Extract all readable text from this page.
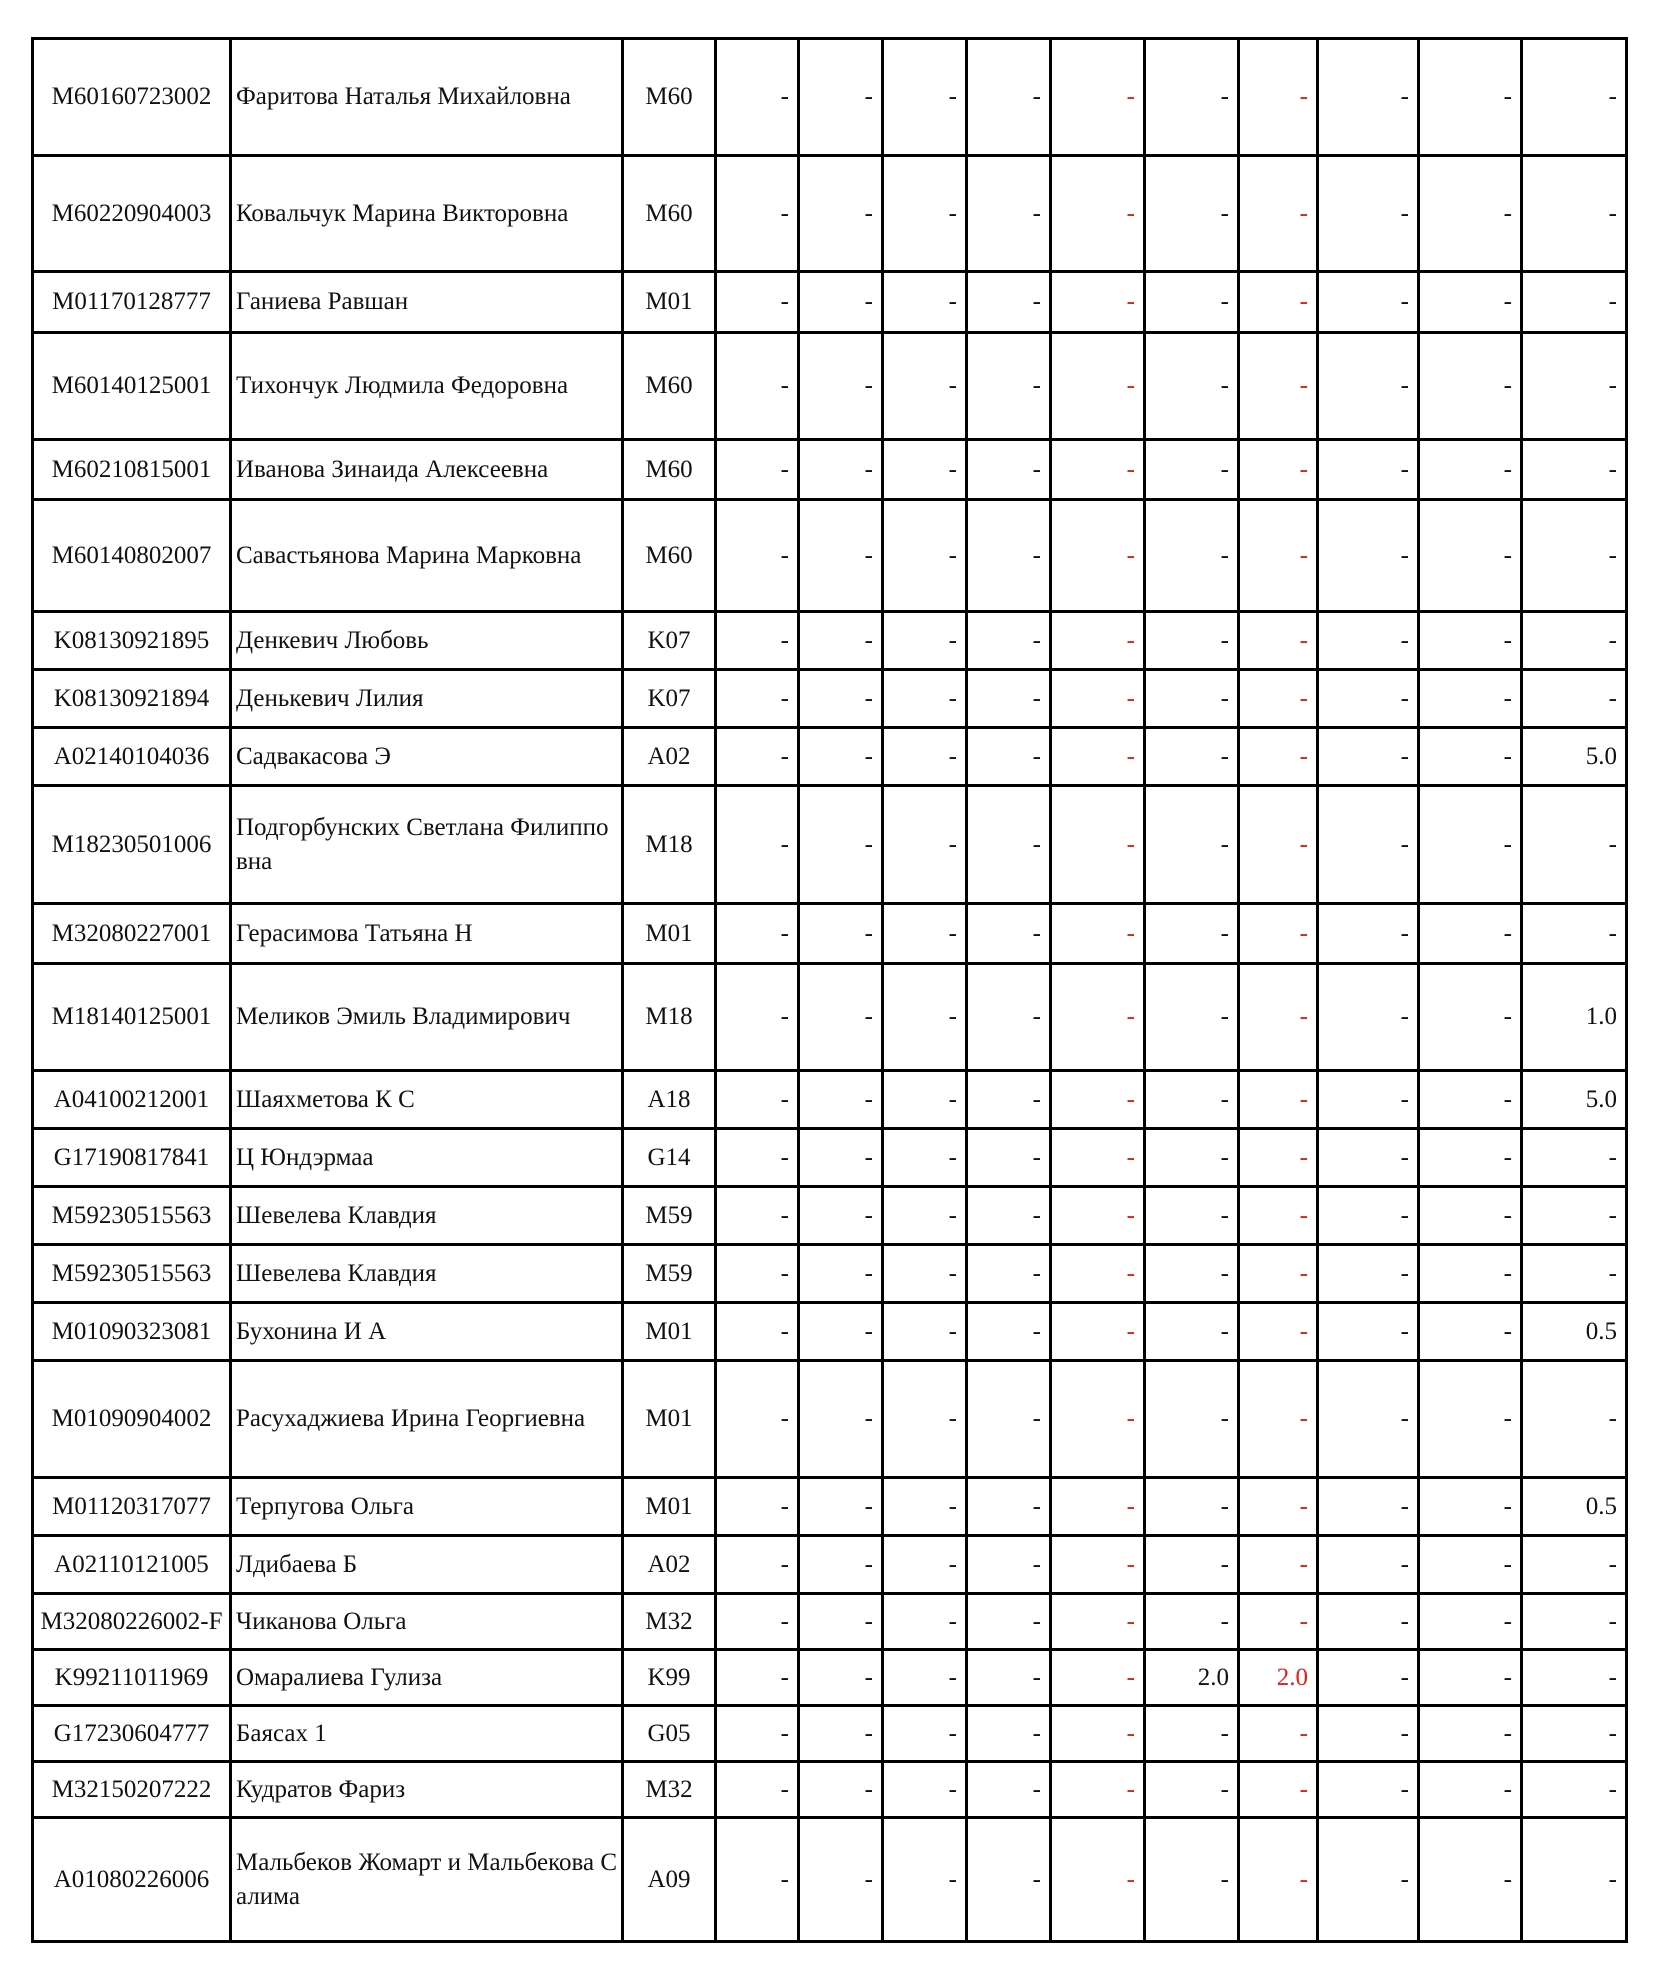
M60160723002	Фаритова Наталья Михайловна	M60	-	-	-	-	-	-	-	-	-	-
M60220904003	Ковальчук Марина Викторовна	M60	-	-	-	-	-	-	-	-	-	-
M01170128777	Ганиева Равшан	M01	-	-	-	-	-	-	-	-	-	-
M60140125001	Тихончук Людмила Федоровна	M60	-	-	-	-	-	-	-	-	-	-
M60210815001	Иванова Зинаида Алексеевна	M60	-	-	-	-	-	-	-	-	-	-
M60140802007	Савастьянова Марина Марковна	M60	-	-	-	-	-	-	-	-	-	-
K08130921895	Денкевич Любовь	K07	-	-	-	-	-	-	-	-	-	-
K08130921894	Денькевич Лилия	K07	-	-	-	-	-	-	-	-	-	-
A02140104036	Садвакасова Э	A02	-	-	-	-	-	-	-	-	-	5.0
M18230501006	Подгорбунских Светлана Филипповна	M18	-	-	-	-	-	-	-	-	-	-
M32080227001	Герасимова Татьяна Н	M01	-	-	-	-	-	-	-	-	-	-
M18140125001	Меликов Эмиль Владимирович	M18	-	-	-	-	-	-	-	-	-	1.0
A04100212001	Шаяхметова К С	A18	-	-	-	-	-	-	-	-	-	5.0
G17190817841	Ц Юндэрмаа	G14	-	-	-	-	-	-	-	-	-	-
M59230515563	Шевелева Клавдия	M59	-	-	-	-	-	-	-	-	-	-
M59230515563	Шевелева Клавдия	M59	-	-	-	-	-	-	-	-	-	-
M01090323081	Бухонина И А	M01	-	-	-	-	-	-	-	-	-	0.5
M01090904002	Расухаджиева Ирина Георгиевна	M01	-	-	-	-	-	-	-	-	-	-
M01120317077	Терпугова Ольга	M01	-	-	-	-	-	-	-	-	-	0.5
A02110121005	Лдибаева Б	A02	-	-	-	-	-	-	-	-	-	-
M32080226002-F	Чиканова Ольга	M32	-	-	-	-	-	-	-	-	-	-
K99211011969	Омаралиева Гулиза	K99	-	-	-	-	-	2.0	2.0	-	-	-
G17230604777	Баясах 1	G05	-	-	-	-	-	-	-	-	-	-
M32150207222	Кудратов Фариз	M32	-	-	-	-	-	-	-	-	-	-
A01080226006	Мальбеков Жомарт и Мальбекова Салима	A09	-	-	-	-	-	-	-	-	-	-
